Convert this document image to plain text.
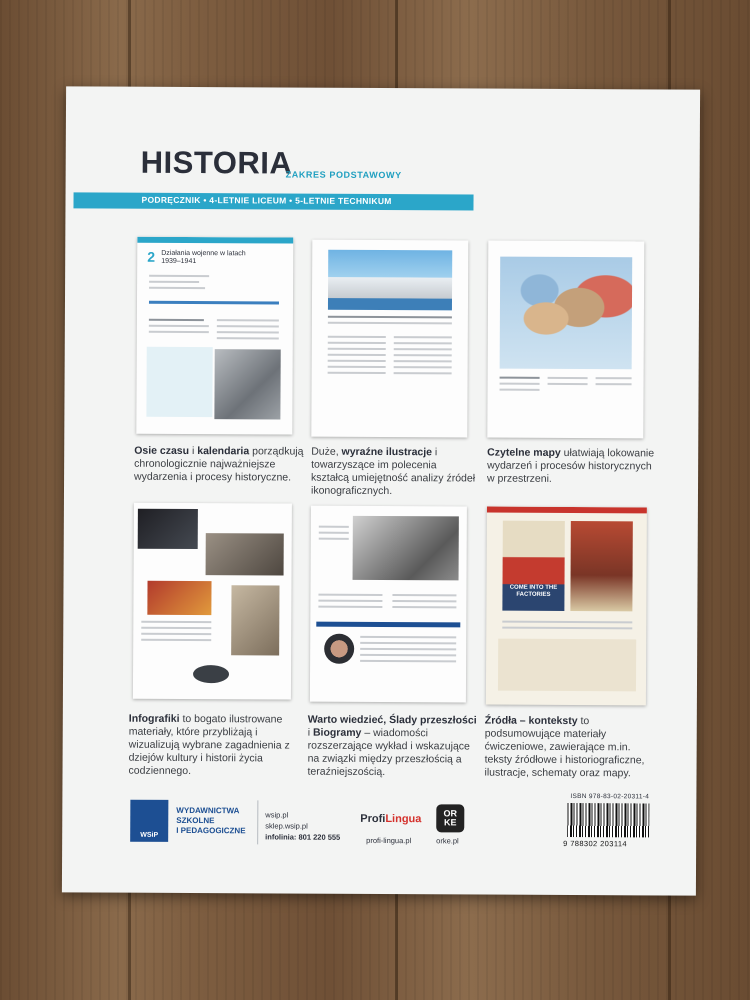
HISTORIA
ZAKRES PODSTAWOWY
PODRĘCZNIK • 4-LETNIE LICEUM • 5-LETNIE TECHNIKUM
2 Działania wojenne w latach 1939–1941
Osie czasu i kalendaria porządkują chronologicznie najważniejsze wydarzenia i procesy historyczne.
Duże, wyraźne ilustracje i towarzyszące im polecenia kształcą umiejętność analizy źródeł ikonograficznych.
Czytelne mapy ułatwiają lokowanie wydarzeń i procesów historycznych w przestrzeni.
COME INTO THE FACTORIES
Infografiki to bogato ilustrowane materiały, które przybliżają i wizualizują wybrane zagadnienia z dziejów kultury i historii życia codziennego.
Warto wiedzieć, Ślady przeszłości i Biogramy – wiadomości rozszerzające wykład i wskazujące na związki między przeszłością a teraźniejszością.
Źródła – konteksty to podsumowujące materiały ćwiczeniowe, zawierające m.in. teksty źródłowe i historiograficzne, ilustracje, schematy oraz mapy.
WSiP
WYDAWNICTWA
SZKOLNE
I PEDAGOGICZNE
wsip.pl
sklep.wsip.pl
infolinia: 801 220 555
ProfiLingua
profi-lingua.pl
OR KE
orke.pl
ISBN 978-83-02-20311-4
9 788302 203114
